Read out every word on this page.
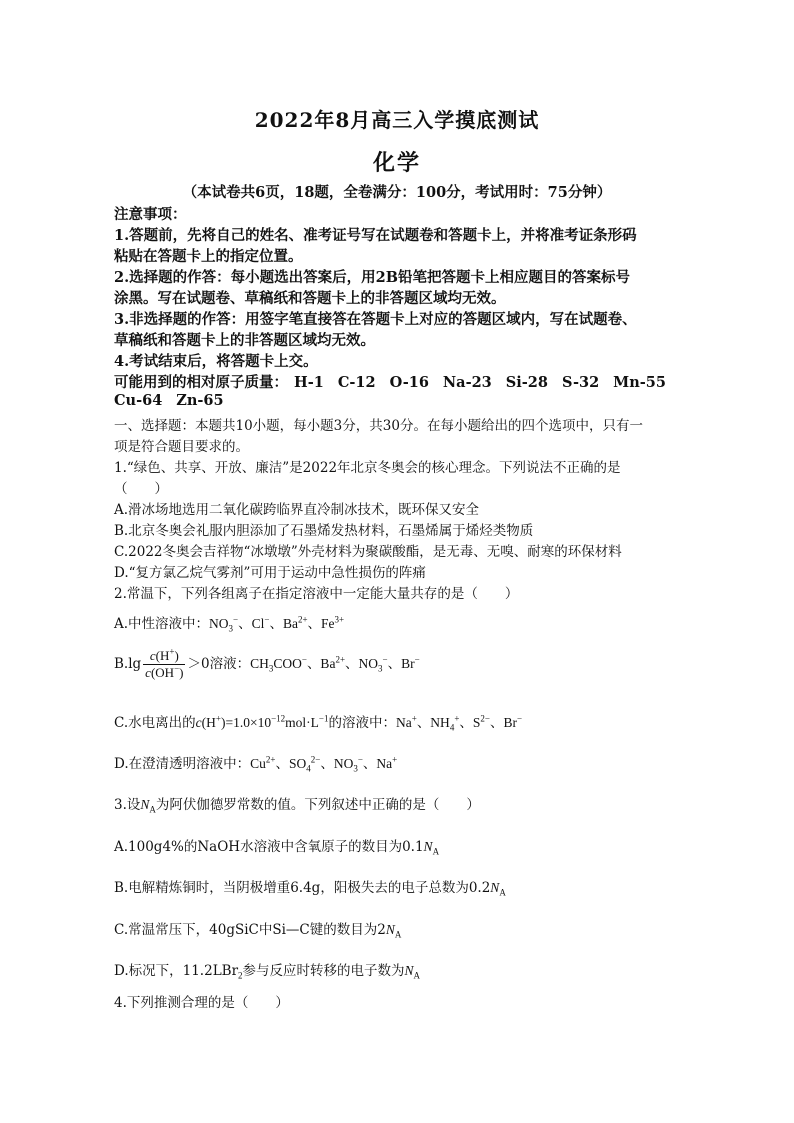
2022年8月高三入学摸底测试
化学
（本试卷共6页，18题，全卷满分：100分，考试用时：75分钟）
注意事项：
1.答题前，先将自己的姓名、准考证号写在试题卷和答题卡上，并将准考证条形码
粘贴在答题卡上的指定位置。
2.选择题的作答：每小题选出答案后，用2B铅笔把答题卡上相应题目的答案标号
涂黑。写在试题卷、草稿纸和答题卡上的非答题区域均无效。
3.非选择题的作答：用签字笔直接答在答题卡上对应的答题区域内，写在试题卷、
草稿纸和答题卡上的非答题区域均无效。
4.考试结束后，将答题卡上交。
可能用到的相对原子质量： H-1 C-12 O-16 Na-23 Si-28 S-32 Mn-55
Cu-64 Zn-65
一、选择题：本题共10小题，每小题3分，共30分。在每小题给出的四个选项中，只有一
项是符合题目要求的。
1.“绿色、共享、开放、廉洁”是2022年北京冬奥会的核心理念。下列说法不正确的是
（　　）
A.滑冰场地选用二氧化碳跨临界直冷制冰技术，既环保又安全
B.北京冬奥会礼服内胆添加了石墨烯发热材料，石墨烯属于烯烃类物质
C.2022冬奥会吉祥物“冰墩墩”外壳材料为聚碳酸酯，是无毒、无嗅、耐寒的环保材料
D.“复方氯乙烷气雾剂”可用于运动中急性损伤的阵痛
2.常温下，下列各组离子在指定溶液中一定能大量共存的是（　　）
A.中性溶液中：$NO_3^-$、Cl−、$Ba^{2+}$、$Fe^{3+}$
$B.\lg \frac{c(H^+)}{c(OH^-)} >0$溶液：$CH_3COO^-$、$Ba^{2+}$、$NO_3^-$、Br−
C.水电离出的$c(H^+)=1.0\times 10^{-12}mol\cdot L^{-1}$的溶液中：Na+、$NH_4^+$、$S^{2-}$、Br−
D.在澄清透明溶液中：$Cu^{2+}$、$SO_4^{2-}$、$NO_3^-$、Na+
3.设$N_A$为阿伏伽德罗常数的值。下列叙述中正确的是（　　）
A.100g4%的NaOH水溶液中含氧原子的数目为$0.1N_A$
B.电解精炼铜时，当阴极增重6.4g，阳极失去的电子总数为$0.2N_A$
C.常温常压下，40gSiC中Si—C键的数目为$2N_A$
D.标况下，11.2LBr$_2$参与反应时转移的电子数为$N_A$
4.下列推测合理的是（　　）
